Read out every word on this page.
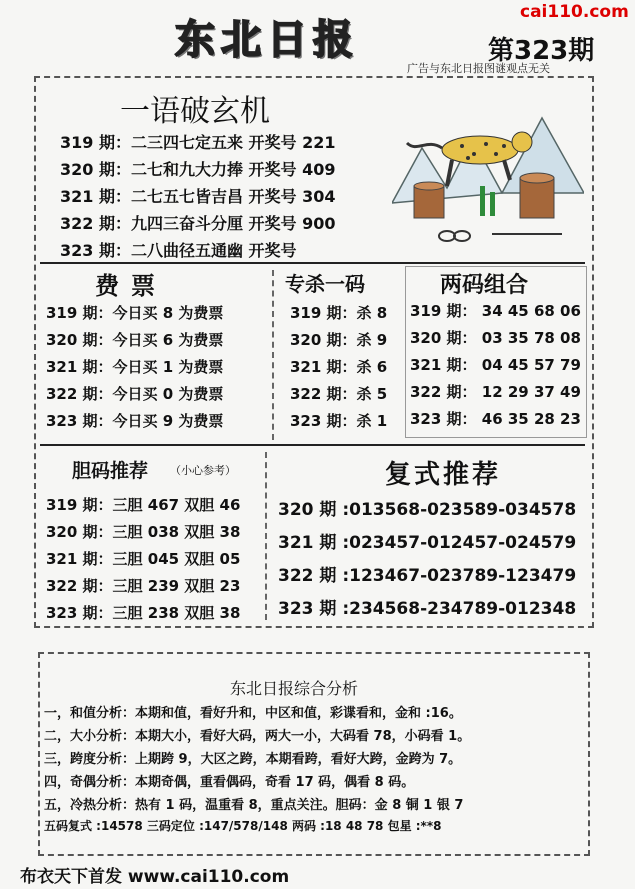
东北日报
cai110.com
第323期
广告与东北日报图谜观点无关
一语破玄机
319 期：二三四七定五来 开奖号 221
320 期：二七和九大力捧 开奖号 409
321 期：二七五七皆吉昌 开奖号 304
322 期：九四三奋斗分厘 开奖号 900
323 期：二八曲径五通幽 开奖号
费票
319 期：今日买 8 为费票
320 期：今日买 6 为费票
321 期：今日买 1 为费票
322 期：今日买 0 为费票
323 期：今日买 9 为费票
专杀一码
319 期：杀 8
320 期：杀 9
321 期：杀 6
322 期：杀 5
323 期：杀 1
两码组合
319 期： 34 45 68 06
320 期： 03 35 78 08
321 期： 04 45 57 79
322 期： 12 29 37 49
323 期： 46 35 28 23
胆码推荐 （小心参考）
319 期：三胆 467 双胆 46
320 期：三胆 038 双胆 38
321 期：三胆 045 双胆 05
322 期：三胆 239 双胆 23
323 期：三胆 238 双胆 38
复式推荐
320 期 :013568-023589-034578
321 期 :023457-012457-024579
322 期 :123467-023789-123479
323 期 :234568-234789-012348
东北日报综合分析
一，和值分析：本期和值，看好升和，中区和值，彩谍看和，金和 :16。
二，大小分析：本期大小，看好大码，两大一小，大码看 78，小码看 1。
三，跨度分析：上期跨 9，大区之跨，本期看跨，看好大跨，金跨为 7。
四，奇偶分析：本期奇偶，重看偶码，奇看 17 码，偶看 8 码。
五，冷热分析：热有 1 码，温重看 8，重点关注。胆码：金 8 铜 1 银 7
五码复式 :14578 三码定位 :147/578/148 两码 :18 48 78 包星 :**8
布衣天下首发 www.cai110.com
